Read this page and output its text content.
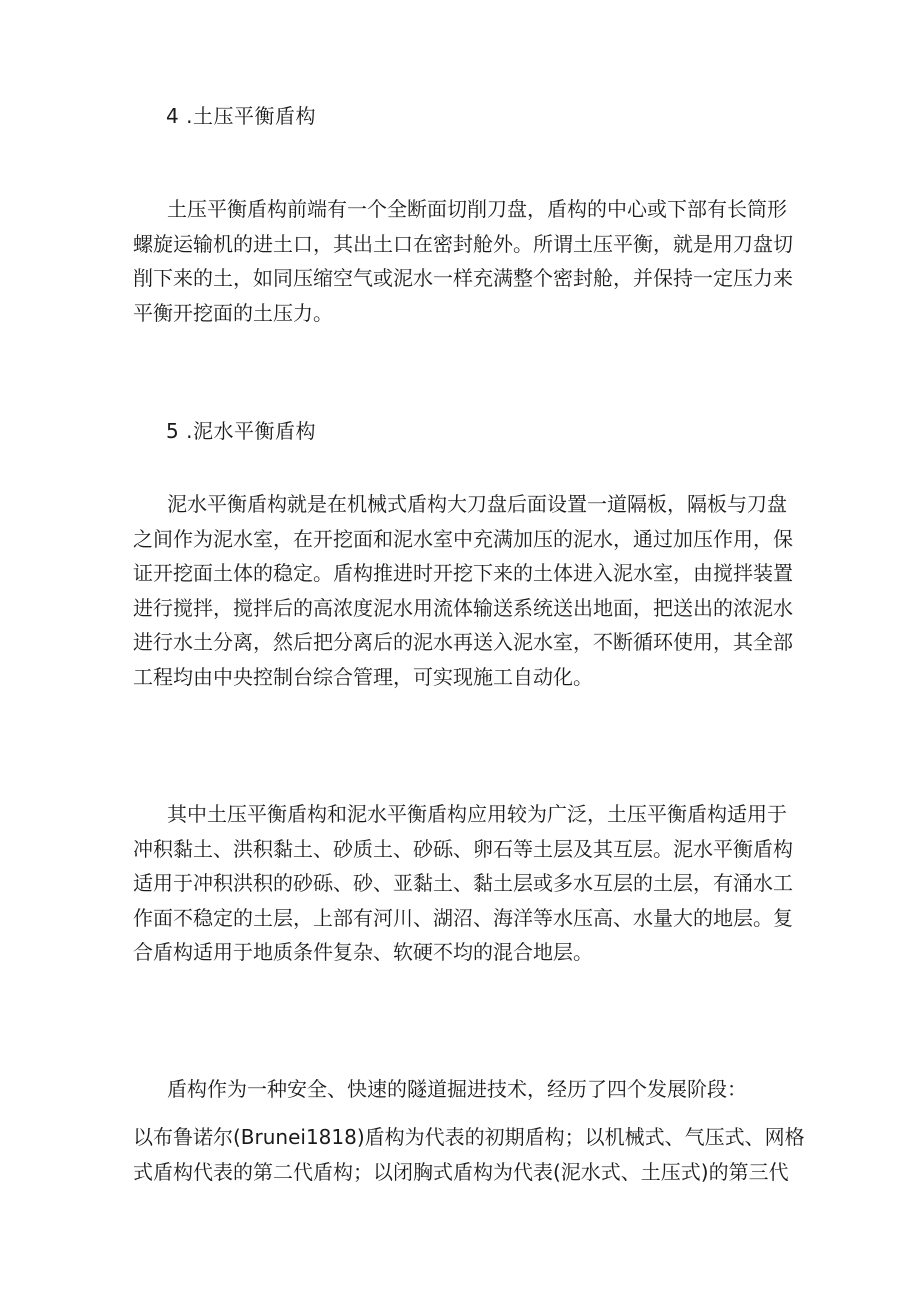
4 .土压平衡盾构
土压平衡盾构前端有一个全断面切削刀盘，盾构的中心或下部有长筒形
螺旋运输机的进土口，其出土口在密封舱外。所谓土压平衡，就是用刀盘切
削下来的土，如同压缩空气或泥水一样充满整个密封舱，并保持一定压力来
平衡开挖面的土压力。
5 .泥水平衡盾构
泥水平衡盾构就是在机械式盾构大刀盘后面设置一道隔板，隔板与刀盘
之间作为泥水室，在开挖面和泥水室中充满加压的泥水，通过加压作用，保
证开挖面土体的稳定。盾构推进时开挖下来的土体进入泥水室，由搅拌装置
进行搅拌，搅拌后的高浓度泥水用流体输送系统送出地面，把送出的浓泥水
进行水土分离，然后把分离后的泥水再送入泥水室，不断循环使用，其全部
工程均由中央控制台综合管理，可实现施工自动化。
其中土压平衡盾构和泥水平衡盾构应用较为广泛，土压平衡盾构适用于
冲积黏土、洪积黏土、砂质土、砂砾、卵石等土层及其互层。泥水平衡盾构
适用于冲积洪积的砂砾、砂、亚黏土、黏土层或多水互层的土层，有涌水工
作面不稳定的土层，上部有河川、湖沼、海洋等水压高、水量大的地层。复
合盾构适用于地质条件复杂、软硬不均的混合地层。
盾构作为一种安全、快速的隧道掘进技术，经历了四个发展阶段：
以布鲁诺尔(Brunei1818)盾构为代表的初期盾构；以机械式、气压式、网格
式盾构代表的第二代盾构；以闭胸式盾构为代表(泥水式、土压式)的第三代
